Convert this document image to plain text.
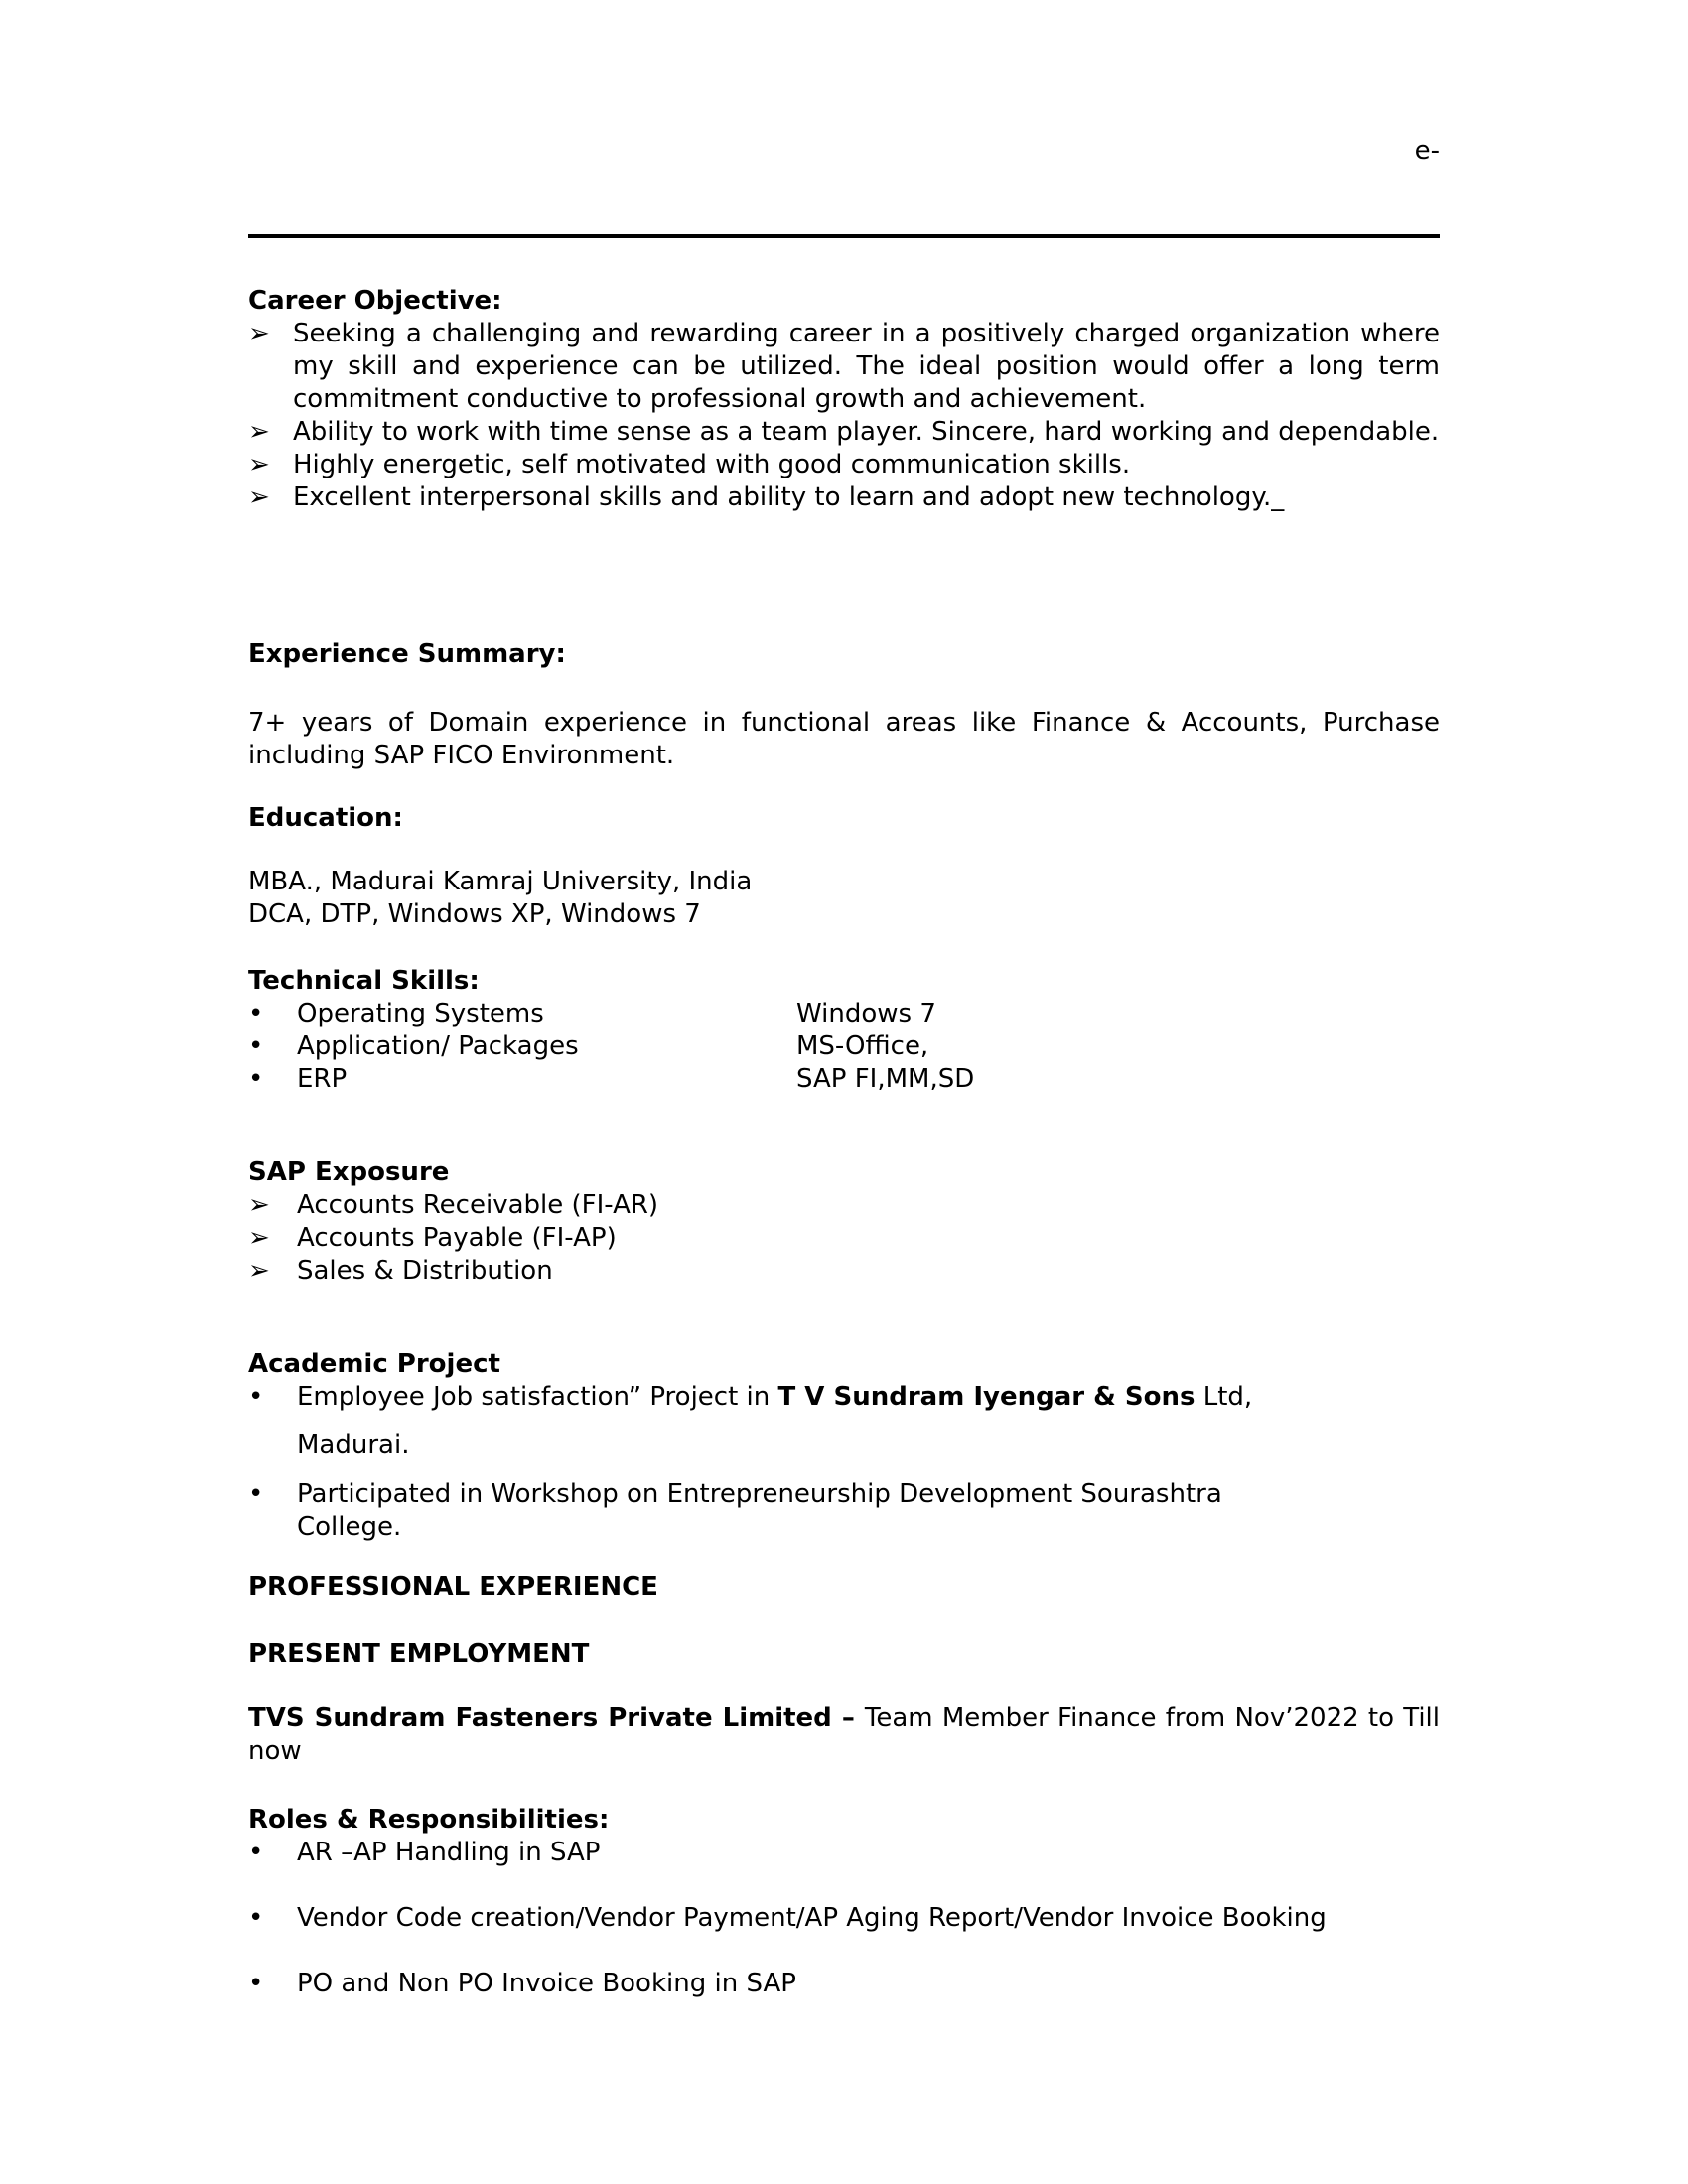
e-
Career Objective:
➢ Seeking a challenging and rewarding career in a positively charged organization where my skill and experience can be utilized. The ideal position would offer a long term commitment conductive to professional growth and achievement.
➢ Ability to work with time sense as a team player. Sincere, hard working and dependable.
➢ Highly energetic, self motivated with good communication skills.
➢ Excellent interpersonal skills and ability to learn and adopt new technology._
Experience Summary:

7+ years of Domain experience in functional areas like Finance & Accounts, Purchase including SAP FICO Environment.

Education:
MBA., Madurai Kamraj University, India
DCA, DTP, Windows XP, Windows 7
Technical Skills:
•	Operating Systems	Windows 7
•	Application/ Packages	MS-Office,
•	ERP	SAP FI,MM,SD
SAP Exposure
➢	Accounts Receivable (FI-AR)
➢	Accounts Payable (FI-AP)
➢	Sales & Distribution
Academic Project
•	Employee Job satisfaction” Project in T V Sundram Iyengar & Sons Ltd,
Madurai.
•	Participated in Workshop on Entrepreneurship Development Sourashtra
College.
PROFESSIONAL EXPERIENCE
PRESENT EMPLOYMENT

TVS Sundram Fasteners Private Limited – Team Member Finance from Nov’2022 to Till now

Roles & Responsibilities:
•	AR –AP Handling in SAP
•	Vendor Code creation/Vendor Payment/AP Aging Report/Vendor Invoice Booking
•	PO and Non PO Invoice Booking in SAP
